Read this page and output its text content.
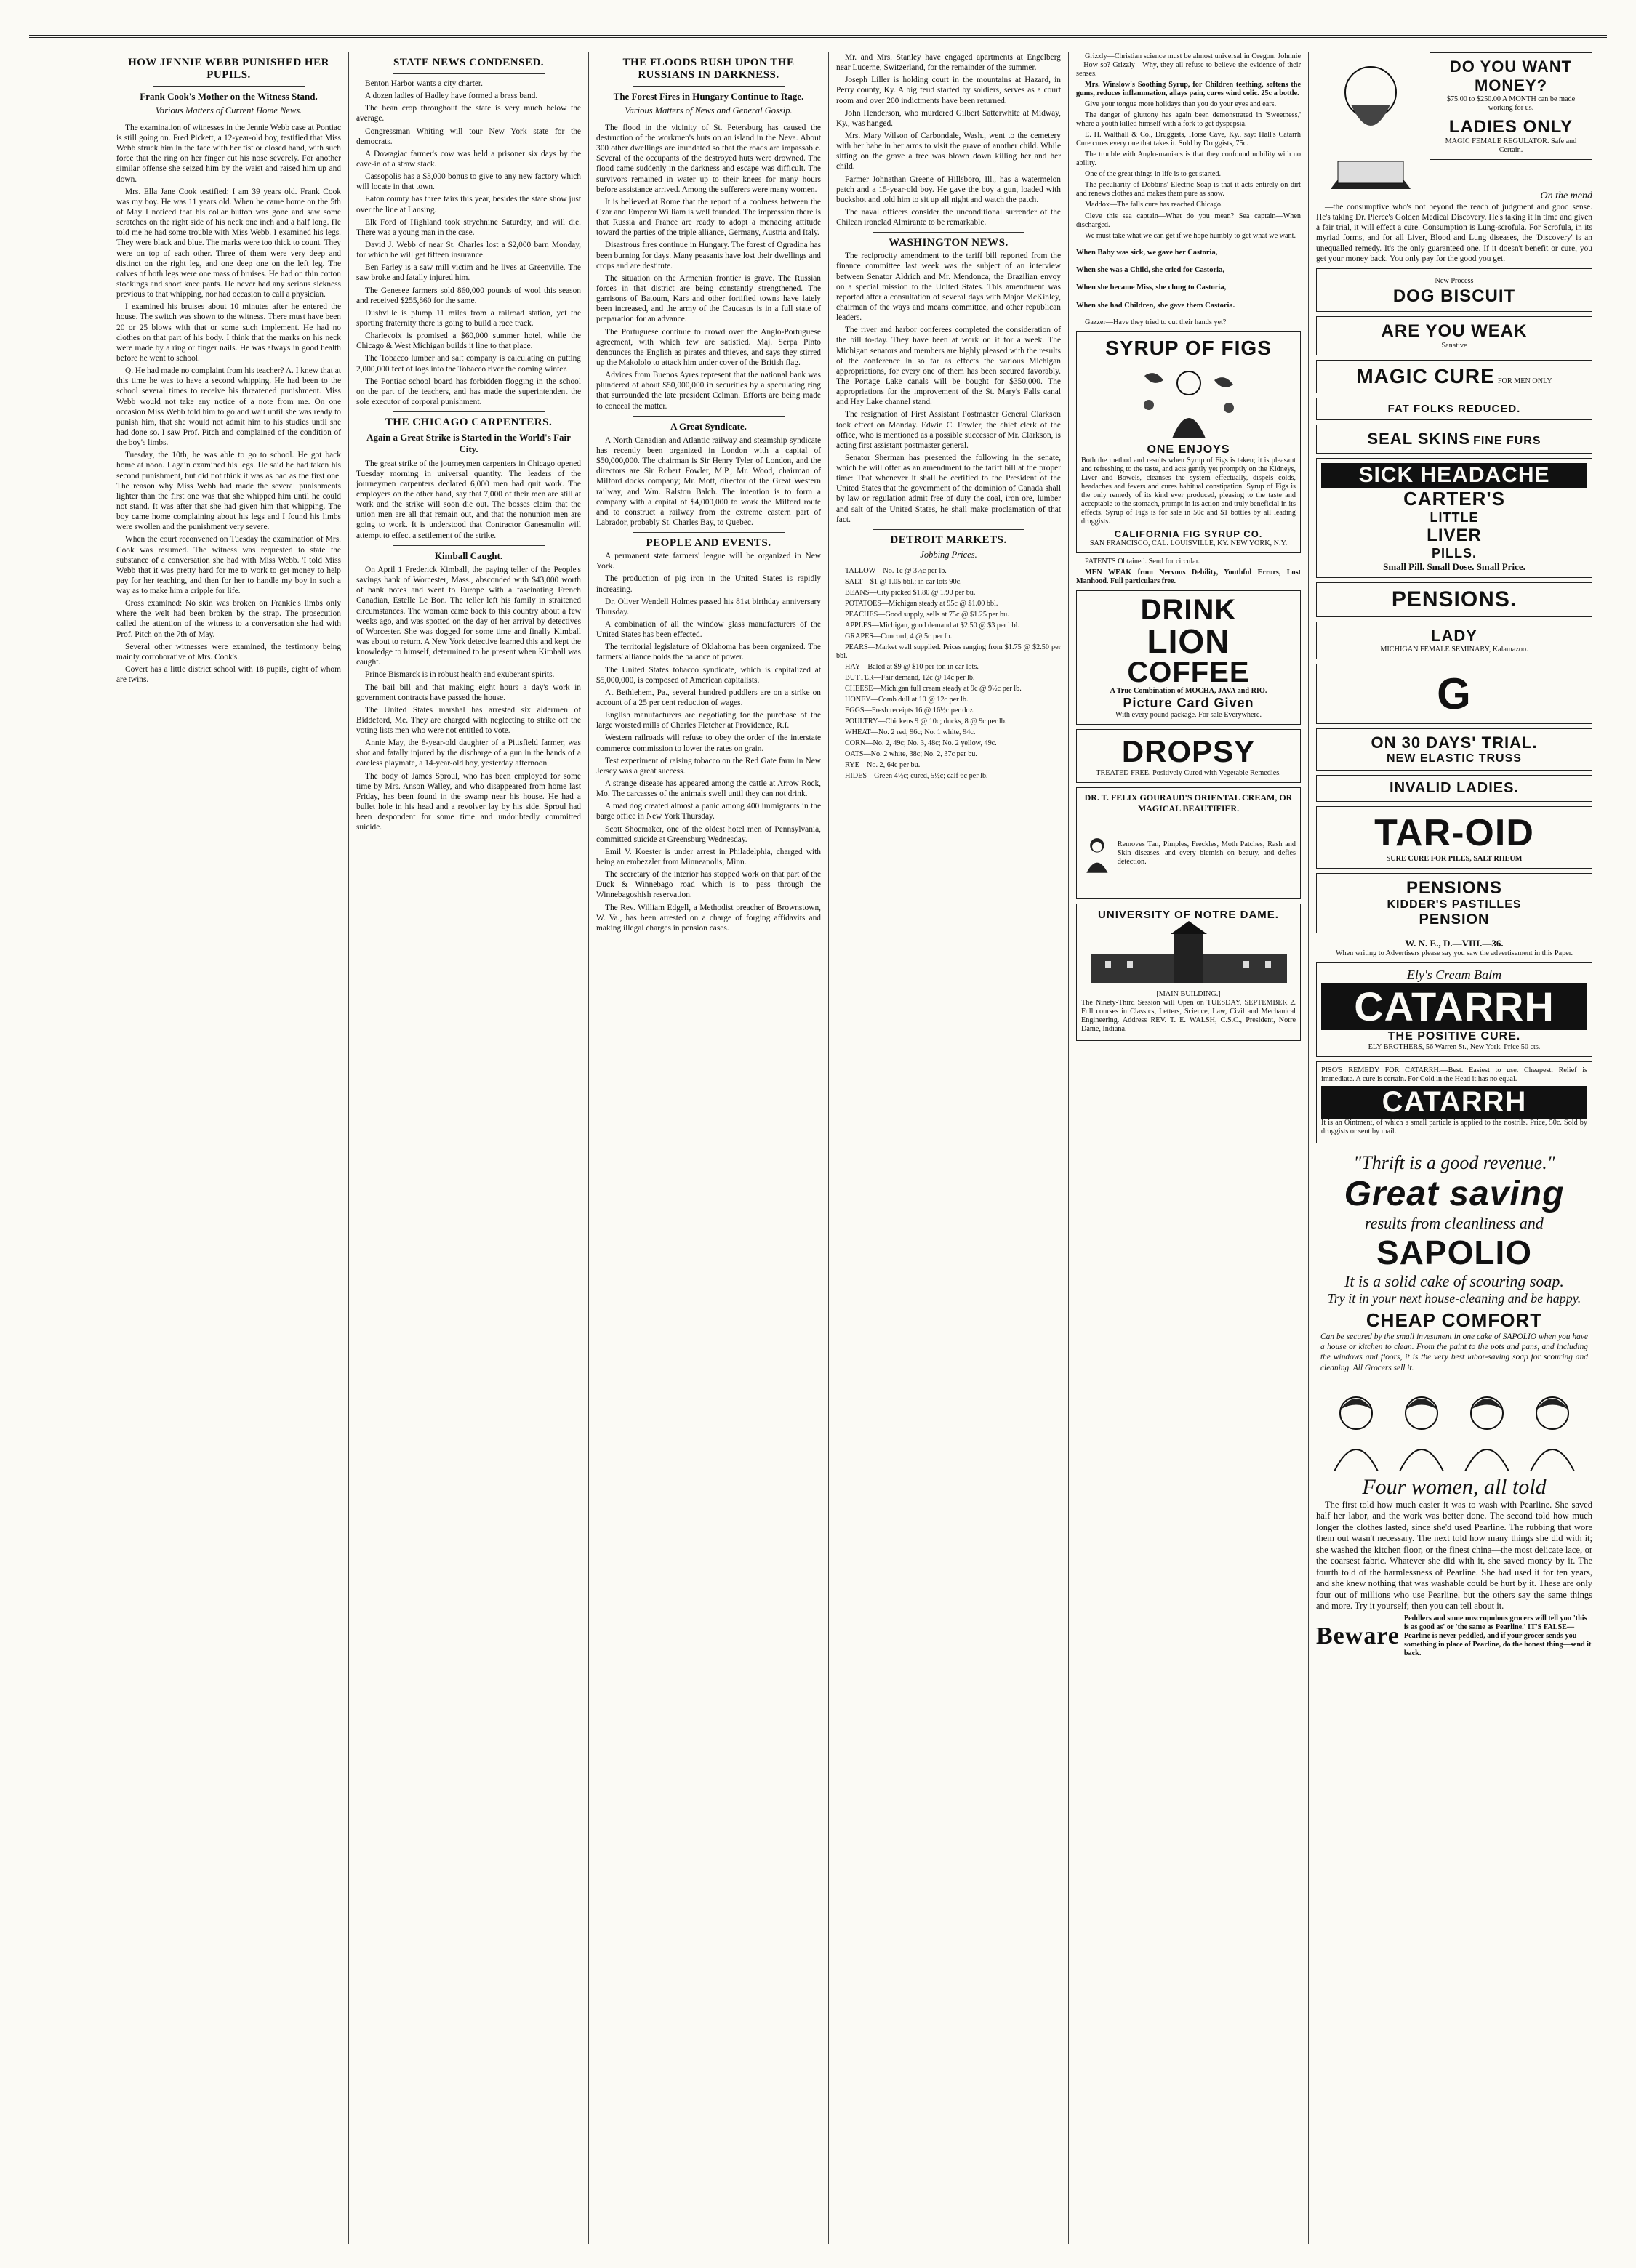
HOW JENNIE WEBB PUNISHED HER PUPILS.
Frank Cook's Mother on the Witness Stand.
Various Matters of Current Home News.

The examination of witnesses in the Jennie Webb case at Pontiac is still going on. Fred Pickett, a 12-year-old boy, testified that Miss Webb struck him in the face with her fist or closed hand, with such force that the ring on her finger cut his nose severely. For another similar offense she seized him by the waist and raised him up and down.

Mrs. Ella Jane Cook testified: I am 39 years old. Frank Cook was my boy. He was 11 years old. When he came home on the 5th of May I noticed that his collar button was gone and saw some scratches on the right side of his neck one inch and a half long. He told me he had some trouble with Miss Webb. I examined his legs. They were black and blue. The marks were too thick to count. They were on top of each other. Three of them were very deep and distinct on the right leg, and one deep one on the left leg. The calves of both legs were one mass of bruises. He had on thin cotton stockings and short knee pants. He never had any serious sickness previous to that whipping, nor had occasion to call a physician.

I examined his bruises about 10 minutes after he entered the house. The switch was shown to the witness. There must have been 20 or 25 blows with that or some such implement. He had no clothes on that part of his body. I think that the marks on his neck were made by a ring or finger nails. He was always in good health before he went to school.

Q. He had made no complaint from his teacher? A. I knew that at this time he was to have a second whipping. He had been to the school several times to receive his threatened punishment. Miss Webb would not take any notice of a note from me. On one occasion Miss Webb told him to go and wait until she was ready to punish him, that she would not admit him to his studies until she had done so. I saw Prof. Pitch and complained of the condition of the boy's limbs.

Tuesday, the 10th, he was able to go to school. He got back home at noon. I again examined his legs. He said he had taken his second punishment, but did not think it was as bad as the first one. The reason why Miss Webb had made the several punishments lighter than the first one was that she whipped him until he could not stand. It was after that she had given him that whipping. The boy came home complaining about his legs and I found his limbs were swollen and the punishment very severe.

When the court reconvened on Tuesday the examination of Mrs. Cook was resumed. The witness was requested to state the substance of a conversation she had with Miss Webb. 'I told Miss Webb that it was pretty hard for me to work to get money to help pay for her teaching, and then for her to handle my boy in such a way as to make him a cripple for life.'

Cross examined: No skin was broken on Frankie's limbs only where the welt had been broken by the strap. The prosecution called the attention of the witness to a conversation she had with Prof. Pitch on the 7th of May.

Several other witnesses were examined, the testimony being mainly corroborative of Mrs. Cook's.

Covert has a little district school with 18 pupils, eight of whom are twins.

STATE NEWS CONDENSED.

Benton Harbor wants a city charter.

A dozen ladies of Hadley have formed a brass band.

The bean crop throughout the state is very much below the average.

Congressman Whiting will tour New York state for the democrats.

A Dowagiac farmer's cow was held a prisoner six days by the cave-in of a straw stack.

Cassopolis has a $3,000 bonus to give to any new factory which will locate in that town.

Eaton county has three fairs this year, besides the state show just over the line at Lansing.

Elk Ford of Highland took strychnine Saturday, and will die. There was a young man in the case.

David J. Webb of near St. Charles lost a $2,000 barn Monday, for which he will get fifteen insurance.

Ben Farley is a saw mill victim and he lives at Greenville. The saw broke and fatally injured him.

The Genesee farmers sold 860,000 pounds of wool this season and received $255,860 for the same.

Dushville is plump 11 miles from a railroad station, yet the sporting fraternity there is going to build a race track.

Charlevoix is promised a $60,000 summer hotel, while the Chicago & West Michigan builds it line to that place.

The Tobacco lumber and salt company is calculating on putting 2,000,000 feet of logs into the Tobacco river the coming winter.

The Pontiac school board has forbidden flogging in the school on the part of the teachers, and has made the superintendent the sole executor of corporal punishment.

THE CHICAGO CARPENTERS.
Again a Great Strike is Started in the World's Fair City.

The great strike of the journeymen carpenters in Chicago opened Tuesday morning in universal quantity. The leaders of the journeymen carpenters declared 6,000 men had quit work. The employers on the other hand, say that 7,000 of their men are still at work and the strike will soon die out. The bosses claim that the union men are all that remain out, and that the nonunion men are going to work. It is understood that Contractor Ganesmulin will attempt to effect a settlement of the strike.

Kimball Caught.

On April 1 Frederick Kimball, the paying teller of the People's savings bank of Worcester, Mass., absconded with $43,000 worth of bank notes and went to Europe with a fascinating French Canadian, Estelle Le Bon. The teller left his family in straitened circumstances. The woman came back to this country about a few weeks ago, and was spotted on the day of her arrival by detectives of Worcester. She was dogged for some time and finally Kimball was about to return. A New York detective learned this and kept the knowledge to himself, determined to be present when Kimball was caught.

Prince Bismarck is in robust health and exuberant spirits.

The bail bill and that making eight hours a day's work in government contracts have passed the house.

The United States marshal has arrested six aldermen of Biddeford, Me. They are charged with neglecting to strike off the voting lists men who were not entitled to vote.

Annie May, the 8-year-old daughter of a Pittsfield farmer, was shot and fatally injured by the discharge of a gun in the hands of a careless playmate, a 14-year-old boy, yesterday afternoon.

The body of James Sproul, who has been employed for some time by Mrs. Anson Walley, and who disappeared from home last Friday, has been found in the swamp near his house. He had a bullet hole in his head and a revolver lay by his side. Sproul had been despondent for some time and undoubtedly committed suicide.

THE FLOODS RUSH UPON THE RUSSIANS IN DARKNESS.
The Forest Fires in Hungary Continue to Rage.
Various Matters of News and General Gossip.

The flood in the vicinity of St. Petersburg has caused the destruction of the workmen's huts on an island in the Neva. About 300 other dwellings are inundated so that the roads are impassable. Several of the occupants of the destroyed huts were drowned. The flood came suddenly in the darkness and escape was difficult. The survivors remained in water up to their knees for many hours before assistance arrived. Among the sufferers were many women.

It is believed at Rome that the report of a coolness between the Czar and Emperor William is well founded. The impression there is that Russia and France are ready to adopt a menacing attitude toward the parties of the triple alliance, Germany, Austria and Italy.

Disastrous fires continue in Hungary. The forest of Ogradina has been burning for days. Many peasants have lost their dwellings and crops and are destitute.

The situation on the Armenian frontier is grave. The Russian forces in that district are being constantly strengthened. The garrisons of Batoum, Kars and other fortified towns have lately been increased, and the army of the Caucasus is in a full state of preparation for an advance.

The Portuguese continue to crowd over the Anglo-Portuguese agreement, with which few are satisfied. Maj. Serpa Pinto denounces the English as pirates and thieves, and says they stirred up the Makololo to attack him under cover of the British flag.

Advices from Buenos Ayres represent that the national bank was plundered of about $50,000,000 in securities by a speculating ring that surrounded the late president Celman. Efforts are being made to conceal the matter.

A Great Syndicate.

A North Canadian and Atlantic railway and steamship syndicate has recently been organized in London with a capital of $50,000,000. The chairman is Sir Henry Tyler of London, and the directors are Sir Robert Fowler, M.P.; Mr. Wood, chairman of Milford docks company; Mr. Mott, director of the Great Western railway, and Wm. Ralston Balch. The intention is to form a company with a capital of $4,000,000 to work the Milford route and to construct a railway from the extreme eastern part of Labrador, probably St. Charles Bay, to Quebec.

PEOPLE AND EVENTS.

A permanent state farmers' league will be organized in New York.

The production of pig iron in the United States is rapidly increasing.

Dr. Oliver Wendell Holmes passed his 81st birthday anniversary Thursday.

A combination of all the window glass manufacturers of the United States has been effected.

The territorial legislature of Oklahoma has been organized. The farmers' alliance holds the balance of power.

The United States tobacco syndicate, which is capitalized at $5,000,000, is composed of American capitalists.

At Bethlehem, Pa., several hundred puddlers are on a strike on account of a 25 per cent reduction of wages.

English manufacturers are negotiating for the purchase of the large worsted mills of Charles Fletcher at Providence, R.I.

Western railroads will refuse to obey the order of the interstate commerce commission to lower the rates on grain.

Test experiment of raising tobacco on the Red Gate farm in New Jersey was a great success.

A strange disease has appeared among the cattle at Arrow Rock, Mo. The carcasses of the animals swell until they can not drink.

A mad dog created almost a panic among 400 immigrants in the barge office in New York Thursday.

Scott Shoemaker, one of the oldest hotel men of Pennsylvania, committed suicide at Greensburg Wednesday.

Emil V. Koester is under arrest in Philadelphia, charged with being an embezzler from Minneapolis, Minn.

The secretary of the interior has stopped work on that part of the Duck & Winnebago road which is to pass through the Winnebagoshish reservation.

The Rev. William Edgell, a Methodist preacher of Brownstown, W. Va., has been arrested on a charge of forging affidavits and making illegal charges in pension cases.

Mr. and Mrs. Stanley have engaged apartments at Engelberg near Lucerne, Switzerland, for the remainder of the summer.

Joseph Liller is holding court in the mountains at Hazard, in Perry county, Ky. A big feud started by soldiers, serves as a court room and over 200 indictments have been returned.

John Henderson, who murdered Gilbert Satterwhite at Midway, Ky., was hanged.

Mrs. Mary Wilson of Carbondale, Wash., went to the cemetery with her babe in her arms to visit the grave of another child. While sitting on the grave a tree was blown down killing her and her child.

Farmer Johnathan Greene of Hillsboro, Ill., has a watermelon patch and a 15-year-old boy. He gave the boy a gun, loaded with buckshot and told him to sit up all night and watch the patch.

The naval officers consider the unconditional surrender of the Chilean ironclad Almirante to be remarkable.

WASHINGTON NEWS.

The reciprocity amendment to the tariff bill reported from the finance committee last week was the subject of an interview between Senator Aldrich and Mr. Mendonca, the Brazilian envoy on a special mission to the United States. This amendment was reported after a consultation of several days with Major McKinley, chairman of the ways and means committee, and other republican leaders.

The river and harbor conferees completed the consideration of the bill to-day. They have been at work on it for a week. The Michigan senators and members are highly pleased with the results of the conference in so far as effects the various Michigan appropriations, for every one of them has been secured favorably. The Portage Lake canals will be bought for $350,000. The appropriations for the improvement of the St. Mary's Falls canal and Hay Lake channel stand.

The resignation of First Assistant Postmaster General Clarkson took effect on Monday. Edwin C. Fowler, the chief clerk of the office, who is mentioned as a possible successor of Mr. Clarkson, is acting first assistant postmaster general.

Senator Sherman has presented the following in the senate, which he will offer as an amendment to the tariff bill at the proper time: That whenever it shall be certified to the President of the United States that the government of the dominion of Canada shall by law or regulation admit free of duty the coal, iron ore, lumber and salt of the United States, he shall make proclamation of that fact.

DETROIT MARKETS.
Jobbing Prices.

TALLOW—No. 1c @ 3½c per lb.

SALT—$1 @ 1.05 bbl.; in car lots 90c.

BEANS—City picked $1.80 @ 1.90 per bu.

POTATOES—Michigan steady at 95c @ $1.00 bbl.

PEACHES—Good supply, sells at 75c @ $1.25 per bu.

APPLES—Michigan, good demand at $2.50 @ $3 per bbl.

GRAPES—Concord, 4 @ 5c per lb.

PEARS—Market well supplied. Prices ranging from $1.75 @ $2.50 per bbl.

HAY—Baled at $9 @ $10 per ton in car lots.

BUTTER—Fair demand, 12c @ 14c per lb.

CHEESE—Michigan full cream steady at 9c @ 9½c per lb.

HONEY—Comb dull at 10 @ 12c per lb.

EGGS—Fresh receipts 16 @ 16½c per doz.

POULTRY—Chickens 9 @ 10c; ducks, 8 @ 9c per lb.

WHEAT—No. 2 red, 96c; No. 1 white, 94c.

CORN—No. 2, 49c; No. 3, 48c; No. 2 yellow, 49c.

OATS—No. 2 white, 38c; No. 2, 37c per bu.

RYE—No. 2, 64c per bu.

HIDES—Green 4½c; cured, 5½c; calf 6c per lb.

Grizzly—Christian science must be almost universal in Oregon. Johnnie—How so? Grizzly—Why, they all refuse to believe the evidence of their senses.

Mrs. Winslow's Soothing Syrup, for Children teething, softens the gums, reduces inflammation, allays pain, cures wind colic. 25c a bottle.

Give your tongue more holidays than you do your eyes and ears.

The danger of gluttony has again been demonstrated in 'Sweetness,' where a youth killed himself with a fork to get dyspepsia.

E. H. Walthall & Co., Druggists, Horse Cave, Ky., say: Hall's Catarrh Cure cures every one that takes it. Sold by Druggists, 75c.

The trouble with Anglo-maniacs is that they confound nobility with no ability.

One of the great things in life is to get started.

The peculiarity of Dobbins' Electric Soap is that it acts entirely on dirt and renews clothes and makes them pure as snow.

Maddox—The falls cure has reached Chicago.

Cleve this sea captain—What do you mean? Sea captain—When discharged.

We must take what we can get if we hope humbly to get what we want.

When Baby was sick, we gave her Castoria,

When she was a Child, she cried for Castoria,

When she became Miss, she clung to Castoria,

When she had Children, she gave them Castoria.

Gazzer—Have they tried to cut their hands yet?

SYRUP OF FIGS
ONE ENJOYS

Both the method and results when Syrup of Figs is taken; it is pleasant and refreshing to the taste, and acts gently yet promptly on the Kidneys, Liver and Bowels, cleanses the system effectually, dispels colds, headaches and fevers and cures habitual constipation. Syrup of Figs is the only remedy of its kind ever produced, pleasing to the taste and acceptable to the stomach, prompt in its action and truly beneficial in its effects. Syrup of Figs is for sale in 50c and $1 bottles by all leading druggists.

CALIFORNIA FIG SYRUP CO.
SAN FRANCISCO, CAL. LOUISVILLE, KY. NEW YORK, N.Y.

PATENTS Obtained. Send for circular.

MEN WEAK from Nervous Debility, Youthful Errors, Lost Manhood. Full particulars free.

DRINK
LION
COFFEE
A True Combination of MOCHA, JAVA and RIO.
Picture Card Given
With every pound package. For sale Everywhere.
DROPSY
TREATED FREE. Positively Cured with Vegetable Remedies.
DR. T. FELIX GOURAUD'S ORIENTAL CREAM, OR MAGICAL BEAUTIFIER.

Removes Tan, Pimples, Freckles, Moth Patches, Rash and Skin diseases, and every blemish on beauty, and defies detection.

UNIVERSITY OF NOTRE DAME.
[MAIN BUILDING.]

The Ninety-Third Session will Open on TUESDAY, SEPTEMBER 2. Full courses in Classics, Letters, Science, Law, Civil and Mechanical Engineering. Address REV. T. E. WALSH, C.S.C., President, Notre Dame, Indiana.

DO YOU WANT MONEY?
$75.00 to $250.00 A MONTH can be made working for us.
LADIES ONLY
MAGIC FEMALE REGULATOR. Safe and Certain.
On the mend

—the consumptive who's not beyond the reach of judgment and good sense. He's taking Dr. Pierce's Golden Medical Discovery. He's taking it in time and given a fair trial, it will effect a cure. Consumption is Lung-scrofula. For Scrofula, in its myriad forms, and for all Liver, Blood and Lung diseases, the 'Discovery' is an unequalled remedy. It's the only guaranteed one. If it doesn't benefit or cure, you get your money back. You only pay for the good you get.

New Process
DOG BISCUIT
ARE YOU WEAK
Sanative
MAGIC CURE FOR MEN ONLY
FAT FOLKS REDUCED.
SEAL SKINS FINE FURS
SICK HEADACHE
CARTER'S
LITTLE
LIVER
PILLS.
Small Pill. Small Dose. Small Price.
PENSIONS.
LADY
MICHIGAN FEMALE SEMINARY, Kalamazoo.
G
ON 30 DAYS' TRIAL.
NEW ELASTIC TRUSS
INVALID LADIES.
TAR-OID
SURE CURE FOR PILES, SALT RHEUM
PENSIONS
KIDDER'S PASTILLES
PENSION
W. N. E., D.—VIII.—36.
When writing to Advertisers please say you saw the advertisement in this Paper.
Ely's Cream Balm
CATARRH
THE POSITIVE CURE.
ELY BROTHERS, 56 Warren St., New York. Price 50 cts.

PISO'S REMEDY FOR CATARRH.—Best. Easiest to use. Cheapest. Relief is immediate. A cure is certain. For Cold in the Head it has no equal.

CATARRH

It is an Ointment, of which a small particle is applied to the nostrils. Price, 50c. Sold by druggists or sent by mail.

"Thrift is a good revenue."
Great saving
results from cleanliness and
SAPOLIO
It is a solid cake of scouring soap.
Try it in your next house-cleaning and be happy.
CHEAP COMFORT

Can be secured by the small investment in one cake of SAPOLIO when you have a house or kitchen to clean. From the paint to the pots and pans, and including the windows and floors, it is the very best labor-saving soap for scouring and cleaning. All Grocers sell it.

Four women, all told

The first told how much easier it was to wash with Pearline. She saved half her labor, and the work was better done. The second told how much longer the clothes lasted, since she'd used Pearline. The rubbing that wore them out wasn't necessary. The next told how many things she did with it; she washed the kitchen floor, or the finest china—the most delicate lace, or the coarsest fabric. Whatever she did with it, she saved money by it. The fourth told of the harmlessness of Pearline. She had used it for ten years, and she knew nothing that was washable could be hurt by it. These are only four out of millions who use Pearline, but the others say the same things and more. Try it yourself; then you can tell about it.

Beware
Peddlers and some unscrupulous grocers will tell you 'this is as good as' or 'the same as Pearline.' IT'S FALSE—Pearline is never peddled, and if your grocer sends you something in place of Pearline, do the honest thing—send it back.
